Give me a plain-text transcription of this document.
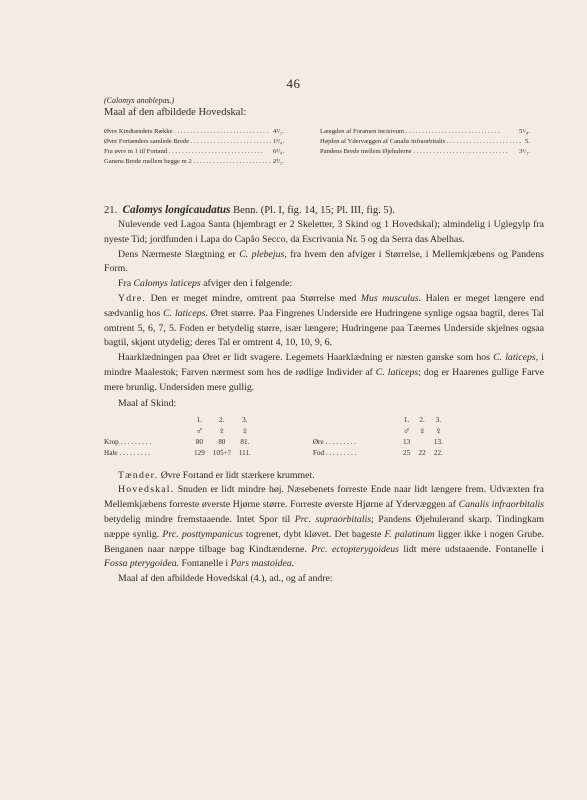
46

(Calomys anoblepas.)

Maal af den afbildede Hovedskal:

Øvre Kindtænders Række . . .	4¹/₂.
Øvre Fortænders samlede Brede . . .	1³/₄.
Fra øvre m 1 til Fortand . . .	6³/₄.
Ganens Brede mellem begge m 2 . . .	2³/₂.
Længden af Foramen incisivum . . .	5¹/₄.
Højden af Ydervæggen af Canalis infraorbitalis . . .	5.
Pandens Brede mellem Øjehulerne . . .	3¹/₂.

21. Calomys longicaudatus Benn. (Pl. I, fig. 14, 15; Pl. III, fig. 5).

Nulevende ved Lagoa Santa (hjembragt er 2 Skeletter, 3 Skind og 1 Hovedskal); almindelig i Uglegylp fra nyeste Tid; jordfunden i Lapa do Capão Secco, da Escrivania Nr. 5 og da Serra das Abelhas.

Dens Nærmeste Slægtning er C. plebejus, fra hvem den afviger i Størrelse, i Mellemkjæbens og Pandens Form.

Fra Calomys laticeps afviger den i følgende:

Ydre. Den er meget mindre, omtrent paa Størrelse med Mus musculus. Halen er meget længere end sædvanlig hos C. laticeps. Øret større. Paa Fingrenes Underside ere Hudringene synlige ogsaa bagtil, deres Tal omtrent 5, 6, 7, 5. Foden er betydelig større, især længere; Hudringene paa Tæernes Underside skjelnes ogsaa bagtil, skjønt utydelig; deres Tal er omtrent 4, 10, 10, 9, 6.

Haarklædningen paa Øret er lidt svagere. Legemets Haarklædning er næsten ganske som hos C. laticeps, i mindre Maalestok; Farven nærmest som hos de rødlige Individer af C. laticeps; dog er Haarenes gullige Farve mere brunlig. Undersiden mere gullig.

Maal af Skind:

	1.	2.	3.
	♂	♀	♀
Krop . . .	80	80	81.
Hale . . .	129	105+?	111.
	1.	2.	3.
	♂	♀	♀
Øre . . .	13		13.
Fod . . .	25	22	22.

Tænder. Øvre Fortand er lidt stærkere krummet.

Hovedskal. Snuden er lidt mindre høj. Næsebenets forreste Ende naar lidt længere frem. Udvæxten fra Mellemkjæbens forreste øverste Hjørne større. Forreste øverste Hjørne af Ydervæggen af Canalis infraorbitalis betydelig mindre fremstaaende. Intet Spor til Prc. supraorbitalis; Pandens Øjehulerand skarp. Tindingkam næppe synlig. Prc. posttympanicus togrenet, dybt kløvet. Det bageste F. palatinum ligger ikke i nogen Grube. Benganen naar næppe tilbage bag Kindtænderne. Prc. ectopterygoideus lidt mere udstaaende. Fontanelle i Fossa pterygoidea. Fontanelle i Pars mastoidea.

Maal af den afbildede Hovedskal (4.), ad., og af andre:
